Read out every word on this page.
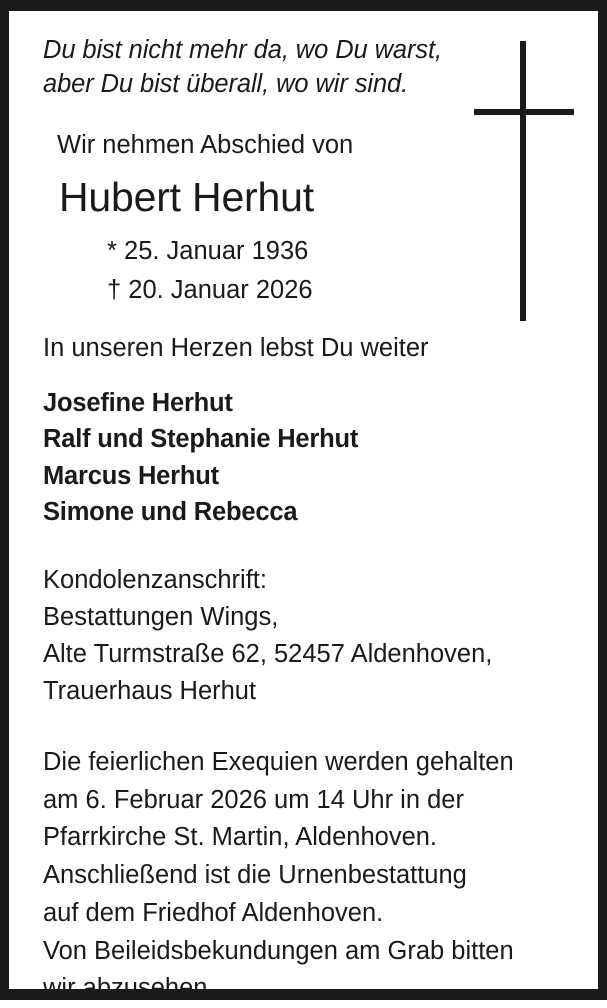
Du bist nicht mehr da, wo Du warst,
aber Du bist überall, wo wir sind.
Wir nehmen Abschied von
Hubert Herhut
* 25. Januar 1936
† 20. Januar 2026
In unseren Herzen lebst Du weiter
Josefine Herhut
Ralf und Stephanie Herhut
Marcus Herhut
Simone und Rebecca
Kondolenzanschrift:
Bestattungen Wings,
Alte Turmstraße 62, 52457 Aldenhoven,
Trauerhaus Herhut
Die feierlichen Exequien werden gehalten
am 6. Februar 2026 um 14 Uhr in der
Pfarrkirche St. Martin, Aldenhoven.
Anschließend ist die Urnenbestattung
auf dem Friedhof Aldenhoven.
Von Beileidsbekundungen am Grab bitten
wir abzusehen.
